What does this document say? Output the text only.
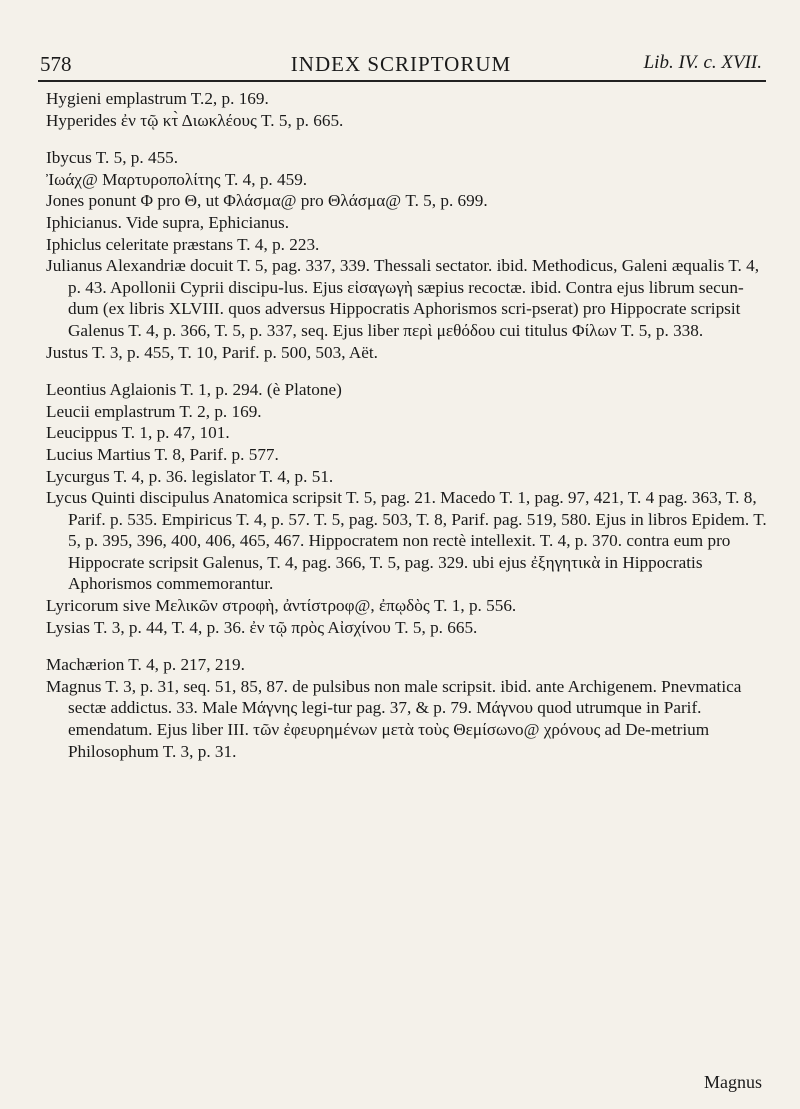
578	INDEX SCRIPTORUM	Lib. IV. c. XVII.

Hygieni emplastrum T.2, p. 169.

Hyperides ἐν τῷ κτ̀ Διωκλέους T. 5, p. 665.

Ibycus T. 5, p. 455.

Ἰωάχ@ Μαρτυροπολίτης T. 4, p. 459.

Jones ponunt Φ pro Θ, ut Φλάσμα@ pro Θλάσμα@ T. 5, p. 699.

Iphicianus. Vide supra, Ephicianus.

Iphiclus celeritate præstans T. 4, p. 223.

Julianus Alexandriæ docuit T. 5, pag. 337, 339. Thessali sectator. ibid. Methodicus, Galeni æqualis T. 4, p. 43. Apollonii Cyprii discipu-lus. Ejus εἰσαγωγὴ sæpius recoctæ. ibid. Contra ejus librum secun-dum (ex libris XLVIII. quos adversus Hippocratis Aphorismos scri-pserat) pro Hippocrate scripsit Galenus T. 4, p. 366, T. 5, p. 337, seq. Ejus liber περὶ μεθόδου cui titulus Φίλων T. 5, p. 338.

Justus T. 3, p. 455, T. 10, Parif. p. 500, 503, Aët.

Leontius Aglaionis T. 1, p. 294. (è Platone)

Leucii emplastrum T. 2, p. 169.

Leucippus T. 1, p. 47, 101.

Lucius Martius T. 8, Parif. p. 577.

Lycurgus T. 4, p. 36. legislator T. 4, p. 51.

Lycus Quinti discipulus Anatomica scripsit T. 5, pag. 21. Macedo T. 1, pag. 97, 421, T. 4 pag. 363, T. 8, Parif. p. 535. Empiricus T. 4, p. 57. T. 5, pag. 503, T. 8, Parif. pag. 519, 580. Ejus in libros Epidem. T. 5, p. 395, 396, 400, 406, 465, 467. Hippocratem non rectè intellexit. T. 4, p. 370. contra eum pro Hippocrate scripsit Galenus, T. 4, pag. 366, T. 5, pag. 329. ubi ejus ἐξηγητικὰ in Hippocratis Aphorismos commemorantur.

Lyricorum sive Μελικῶν στροφὴ, ἀντίστροφ@, ἐπῳδὸς T. 1, p. 556.

Lysias T. 3, p. 44, T. 4, p. 36. ἐν τῷ πρὸς Αἰσχίνου T. 5, p. 665.

Machærion T. 4, p. 217, 219.

Magnus T. 3, p. 31, seq. 51, 85, 87. de pulsibus non male scripsit. ibid. ante Archigenem. Pnevmatica sectæ addictus. 33. Male Μάγνης legi-tur pag. 37, & p. 79. Μάγνου quod utrumque in Parif. emendatum. Ejus liber III. τῶν ἐφευρημένων μετὰ τοὺς Θεμίσωνο@ χρόνους ad De-metrium Philosophum T. 3, p. 31.

Magnus
